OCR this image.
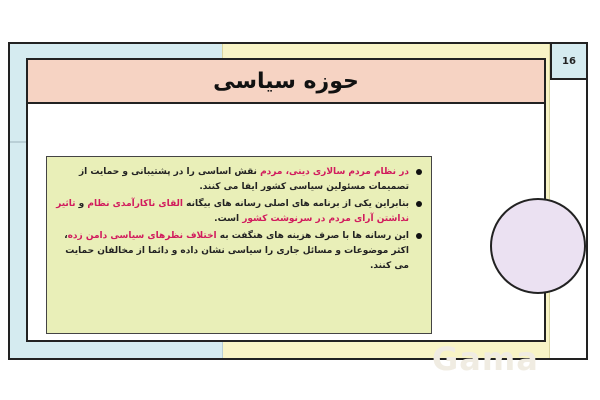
حوزه سیاسی
16
در نظام مردم سالاری دینی، مردم نقش اساسی را در پشتیبانی و حمایت از تصمیمات مسئولین سیاسی کشور ایفا می کنند.
بنابراین یکی از برنامه های اصلی رسانه های بیگانه القای ناکارآمدی نظام و تاثیر نداشتن آرای مردم در سرنوشت کشور است.
این رسانه ها با صرف هزینه های هنگفت به اختلاف نظرهای سیاسی دامن زده، اکثر موضوعات و مسائل جاری را سیاسی نشان داده و دائما از مخالفان حمایت می کنند.
Gama
